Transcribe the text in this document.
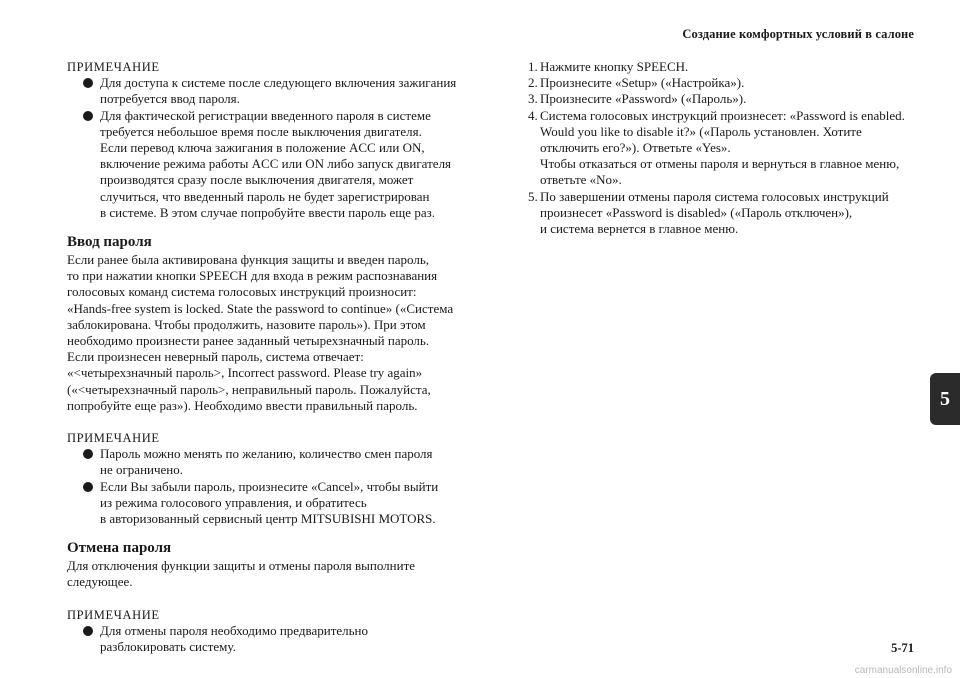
Создание комфортных условий в салоне

ПРИМЕЧАНИЕ

Для доступа к системе после следующего включения зажигания
потребуется ввод пароля.
Для фактической регистрации введенного пароля в системе
требуется небольшое время после выключения двигателя.
Если перевод ключа зажигания в положение ACC или ON,
включение режима работы ACC или ON либо запуск двигателя
производятся сразу после выключения двигателя, может
случиться, что введенный пароль не будет зарегистрирован
в системе. В этом случае попробуйте ввести пароль еще раз.
Ввод пароля
Если ранее была активирована функция защиты и введен пароль,
то при нажатии кнопки SPEECH для входа в режим распознавания
голосовых команд система голосовых инструкций произносит:
«Hands-free system is locked. State the password to continue» («Система
заблокирована. Чтобы продолжить, назовите пароль»). При этом
необходимо произнести ранее заданный четырехзначный пароль.
Если произнесен неверный пароль, система отвечает:
«<четырехзначный пароль>, Incorrect password. Please try again»
(«<четырехзначный пароль>, неправильный пароль. Пожалуйста,
попробуйте еще раз»). Необходимо ввести правильный пароль.

ПРИМЕЧАНИЕ

Пароль можно менять по желанию, количество смен пароля
не ограничено.
Если Вы забыли пароль, произнесите «Cancel», чтобы выйти
из режима голосового управления, и обратитесь
в авторизованный сервисный центр MITSUBISHI MOTORS.
Отмена пароля
Для отключения функции защиты и отмены пароля выполните
следующее.

ПРИМЕЧАНИЕ

Для отмены пароля необходимо предварительно
разблокировать систему.
1. Нажмите кнопку SPEECH.
2. Произнесите «Setup» («Настройка»).
3. Произнесите «Password» («Пароль»).
4. Система голосовых инструкций произнесет: «Password is enabled.
Would you like to disable it?» («Пароль установлен. Хотите
отключить его?»). Ответьте «Yes».
Чтобы отказаться от отмены пароля и вернуться в главное меню,
ответьте «No».
5. По завершении отмены пароля система голосовых инструкций
произнесет «Password is disabled» («Пароль отключен»),
и система вернется в главное меню.
5
5-71
carmanualsonline.info
